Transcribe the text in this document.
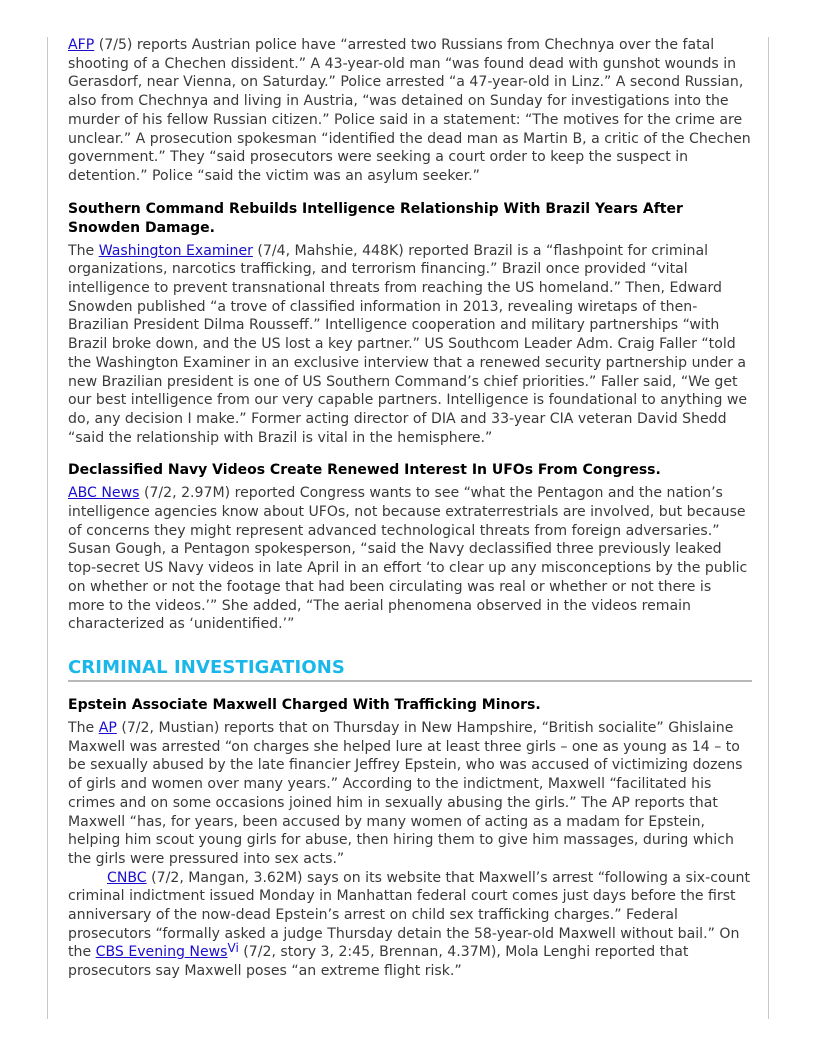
AFP (7/5) reports Austrian police have “arrested two Russians from Chechnya over the fatal shooting of a Chechen dissident.” A 43-year-old man “was found dead with gunshot wounds in Gerasdorf, near Vienna, on Saturday.” Police arrested “a 47-year-old in Linz.” A second Russian, also from Chechnya and living in Austria, “was detained on Sunday for investigations into the murder of his fellow Russian citizen.” Police said in a statement: “The motives for the crime are unclear.” A prosecution spokesman “identified the dead man as Martin B, a critic of the Chechen government.” They “said prosecutors were seeking a court order to keep the suspect in detention.” Police “said the victim was an asylum seeker.”

Southern Command Rebuilds Intelligence Relationship With Brazil Years After Snowden Damage.

The Washington Examiner (7/4, Mahshie, 448K) reported Brazil is a “flashpoint for criminal organizations, narcotics trafficking, and terrorism financing.” Brazil once provided “vital intelligence to prevent transnational threats from reaching the US homeland.” Then, Edward Snowden published “a trove of classified information in 2013, revealing wiretaps of then-Brazilian President Dilma Rousseff.” Intelligence cooperation and military partnerships “with Brazil broke down, and the US lost a key partner.” US Southcom Leader Adm. Craig Faller “told the Washington Examiner in an exclusive interview that a renewed security partnership under a new Brazilian president is one of US Southern Command’s chief priorities.” Faller said, “We get our best intelligence from our very capable partners. Intelligence is foundational to anything we do, any decision I make.” Former acting director of DIA and 33-year CIA veteran David Shedd “said the relationship with Brazil is vital in the hemisphere.”

Declassified Navy Videos Create Renewed Interest In UFOs From Congress.

ABC News (7/2, 2.97M) reported Congress wants to see “what the Pentagon and the nation’s intelligence agencies know about UFOs, not because extraterrestrials are involved, but because of concerns they might represent advanced technological threats from foreign adversaries.” Susan Gough, a Pentagon spokesperson, “said the Navy declassified three previously leaked top-secret US Navy videos in late April in an effort ‘to clear up any misconceptions by the public on whether or not the footage that had been circulating was real or whether or not there is more to the videos.’” She added, “The aerial phenomena observed in the videos remain characterized as ‘unidentified.’”

CRIMINAL INVESTIGATIONS

Epstein Associate Maxwell Charged With Trafficking Minors.

The AP (7/2, Mustian) reports that on Thursday in New Hampshire, “British socialite” Ghislaine Maxwell was arrested “on charges she helped lure at least three girls – one as young as 14 – to be sexually abused by the late financier Jeffrey Epstein, who was accused of victimizing dozens of girls and women over many years.” According to the indictment, Maxwell “facilitated his crimes and on some occasions joined him in sexually abusing the girls.” The AP reports that Maxwell “has, for years, been accused by many women of acting as a madam for Epstein, helping him scout young girls for abuse, then hiring them to give him massages, during which the girls were pressured into sex acts.”

CNBC (7/2, Mangan, 3.62M) says on its website that Maxwell’s arrest “following a six-count criminal indictment issued Monday in Manhattan federal court comes just days before the first anniversary of the now-dead Epstein’s arrest on child sex trafficking charges.” Federal prosecutors “formally asked a judge Thursday detain the 58-year-old Maxwell without bail.” On the CBS Evening News$^{Vi}$ (7/2, story 3, 2:45, Brennan, 4.37M), Mola Lenghi reported that prosecutors say Maxwell poses “an extreme flight risk.”
